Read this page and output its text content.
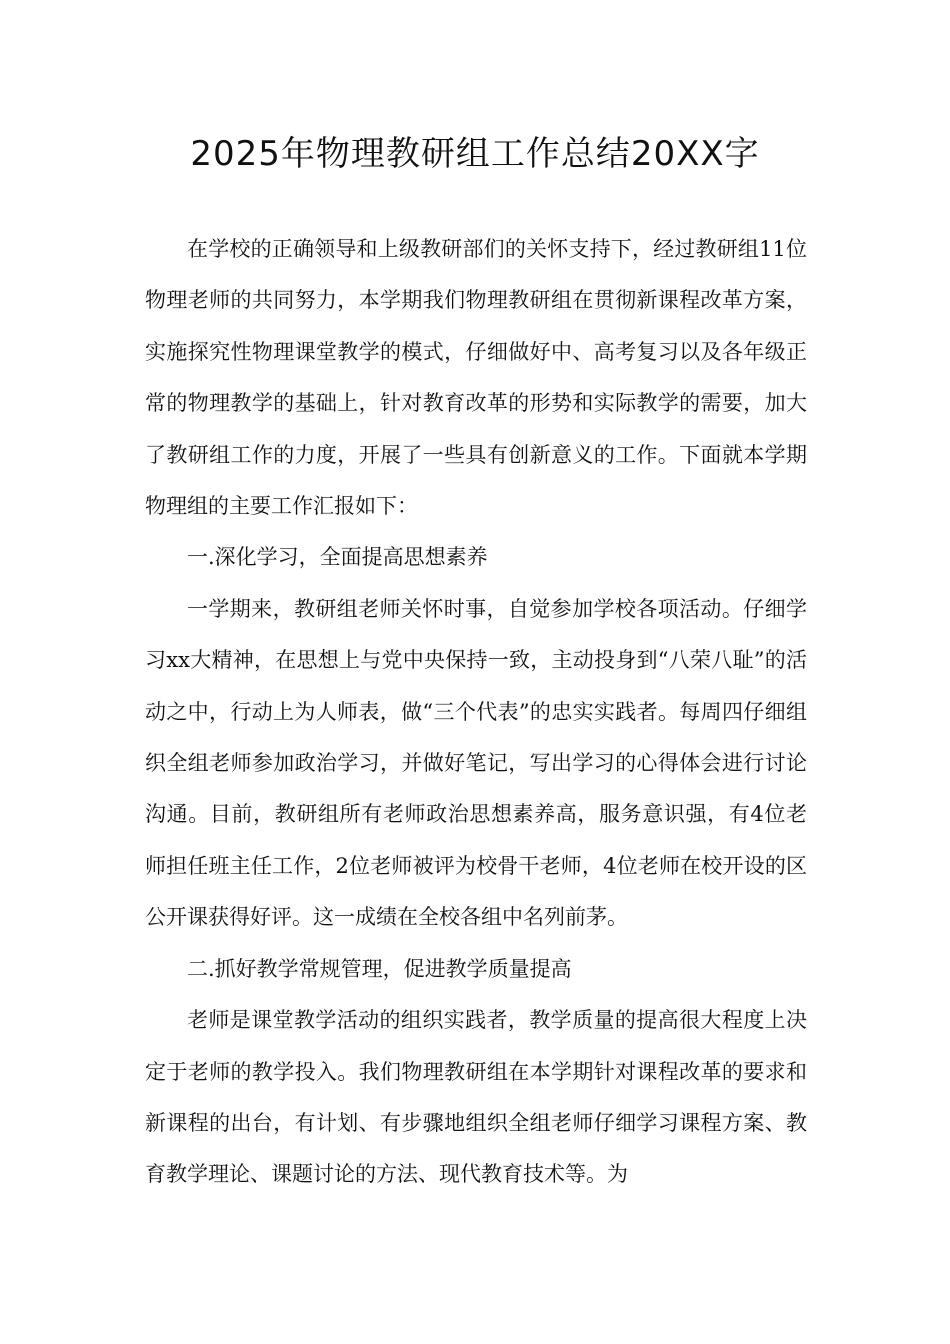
2025年物理教研组工作总结20XX字

在学校的正确领导和上级教研部们的关怀支持下，经过教研组11位物理老师的共同努力，本学期我们物理教研组在贯彻新课程改革方案，实施探究性物理课堂教学的模式，仔细做好中、高考复习以及各年级正常的物理教学的基础上，针对教育改革的形势和实际教学的需要，加大了教研组工作的力度，开展了一些具有创新意义的工作。下面就本学期物理组的主要工作汇报如下：

一.深化学习，全面提高思想素养

一学期来，教研组老师关怀时事，自觉参加学校各项活动。仔细学习xx大精神，在思想上与党中央保持一致，主动投身到“八荣八耻”的活动之中，行动上为人师表，做“三个代表”的忠实实践者。每周四仔细组织全组老师参加政治学习，并做好笔记，写出学习的心得体会进行讨论沟通。目前，教研组所有老师政治思想素养高，服务意识强，有4位老师担任班主任工作，2位老师被评为校骨干老师，4位老师在校开设的区公开课获得好评。这一成绩在全校各组中名列前茅。

二.抓好教学常规管理，促进教学质量提高

老师是课堂教学活动的组织实践者，教学质量的提高很大程度上决定于老师的教学投入。我们物理教研组在本学期针对课程改革的要求和新课程的出台，有计划、有步骤地组织全组老师仔细学习课程方案、教育教学理论、课题讨论的方法、现代教育技术等。为
